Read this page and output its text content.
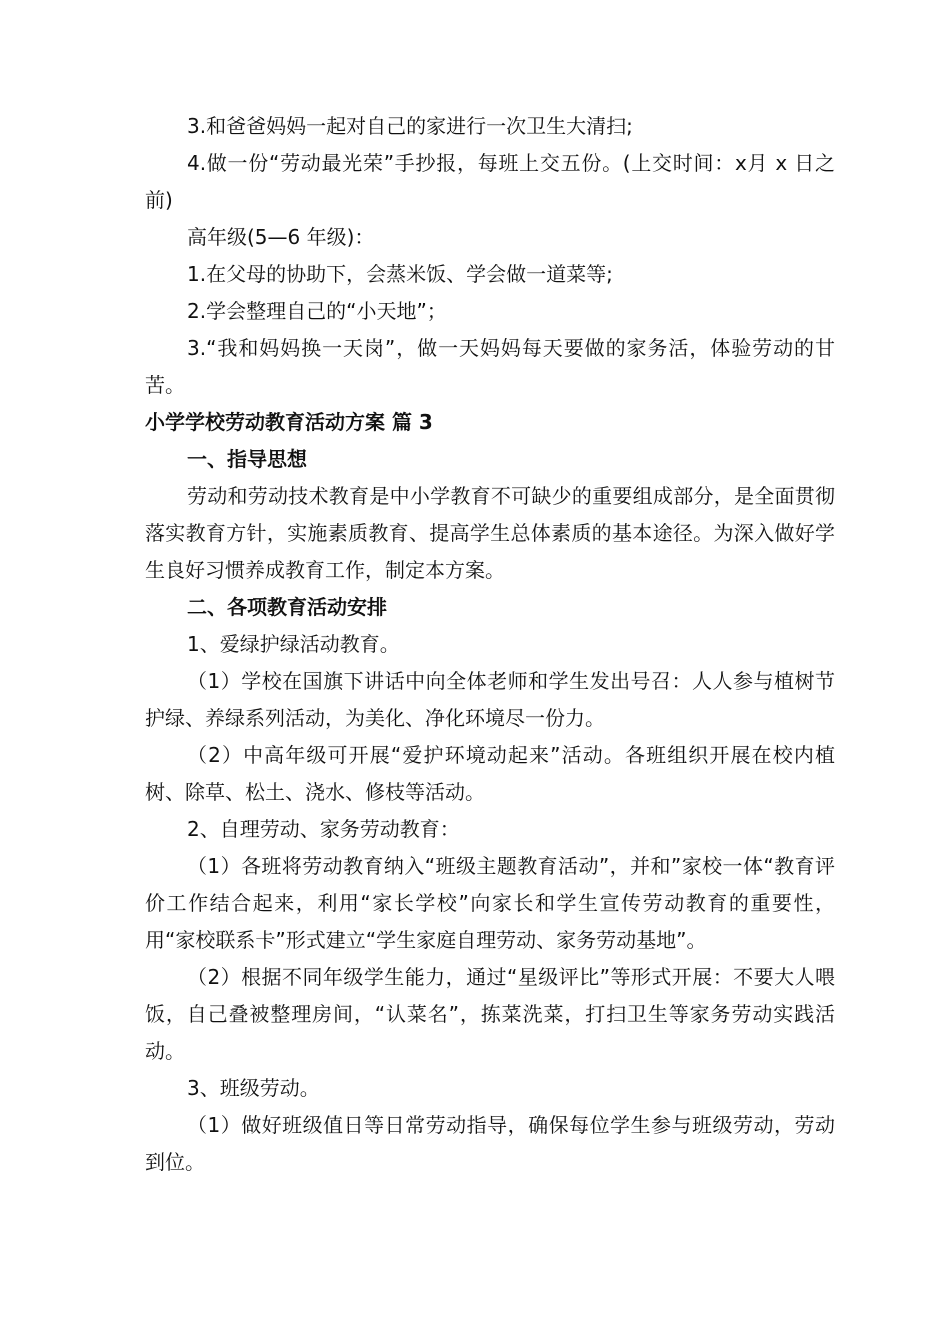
3.和爸爸妈妈一起对自己的家进行一次卫生大清扫;

4.做一份“劳动最光荣”手抄报，每班上交五份。(上交时间：x月 x 日之前)

高年级(5—6 年级)：

1.在父母的协助下，会蒸米饭、学会做一道菜等;

2.学会整理自己的“小天地”；

3.“我和妈妈换一天岗”，做一天妈妈每天要做的家务活，体验劳动的甘苦。

小学学校劳动教育活动方案 篇 3

一、指导思想

劳动和劳动技术教育是中小学教育不可缺少的重要组成部分，是全面贯彻落实教育方针，实施素质教育、提高学生总体素质的基本途径。为深入做好学生良好习惯养成教育工作，制定本方案。

二、各项教育活动安排

1、爱绿护绿活动教育。

（1）学校在国旗下讲话中向全体老师和学生发出号召：人人参与植树节护绿、养绿系列活动，为美化、净化环境尽一份力。

（2）中高年级可开展“爱护环境动起来”活动。各班组织开展在校内植树、除草、松土、浇水、修枝等活动。

2、自理劳动、家务劳动教育：

（1）各班将劳动教育纳入“班级主题教育活动”，并和”家校一体“教育评价工作结合起来，利用“家长学校”向家长和学生宣传劳动教育的重要性，用“家校联系卡”形式建立“学生家庭自理劳动、家务劳动基地”。

（2）根据不同年级学生能力，通过“星级评比”等形式开展：不要大人喂饭，自己叠被整理房间，“认菜名”，拣菜洗菜，打扫卫生等家务劳动实践活动。

3、班级劳动。

（1）做好班级值日等日常劳动指导，确保每位学生参与班级劳动，劳动到位。
